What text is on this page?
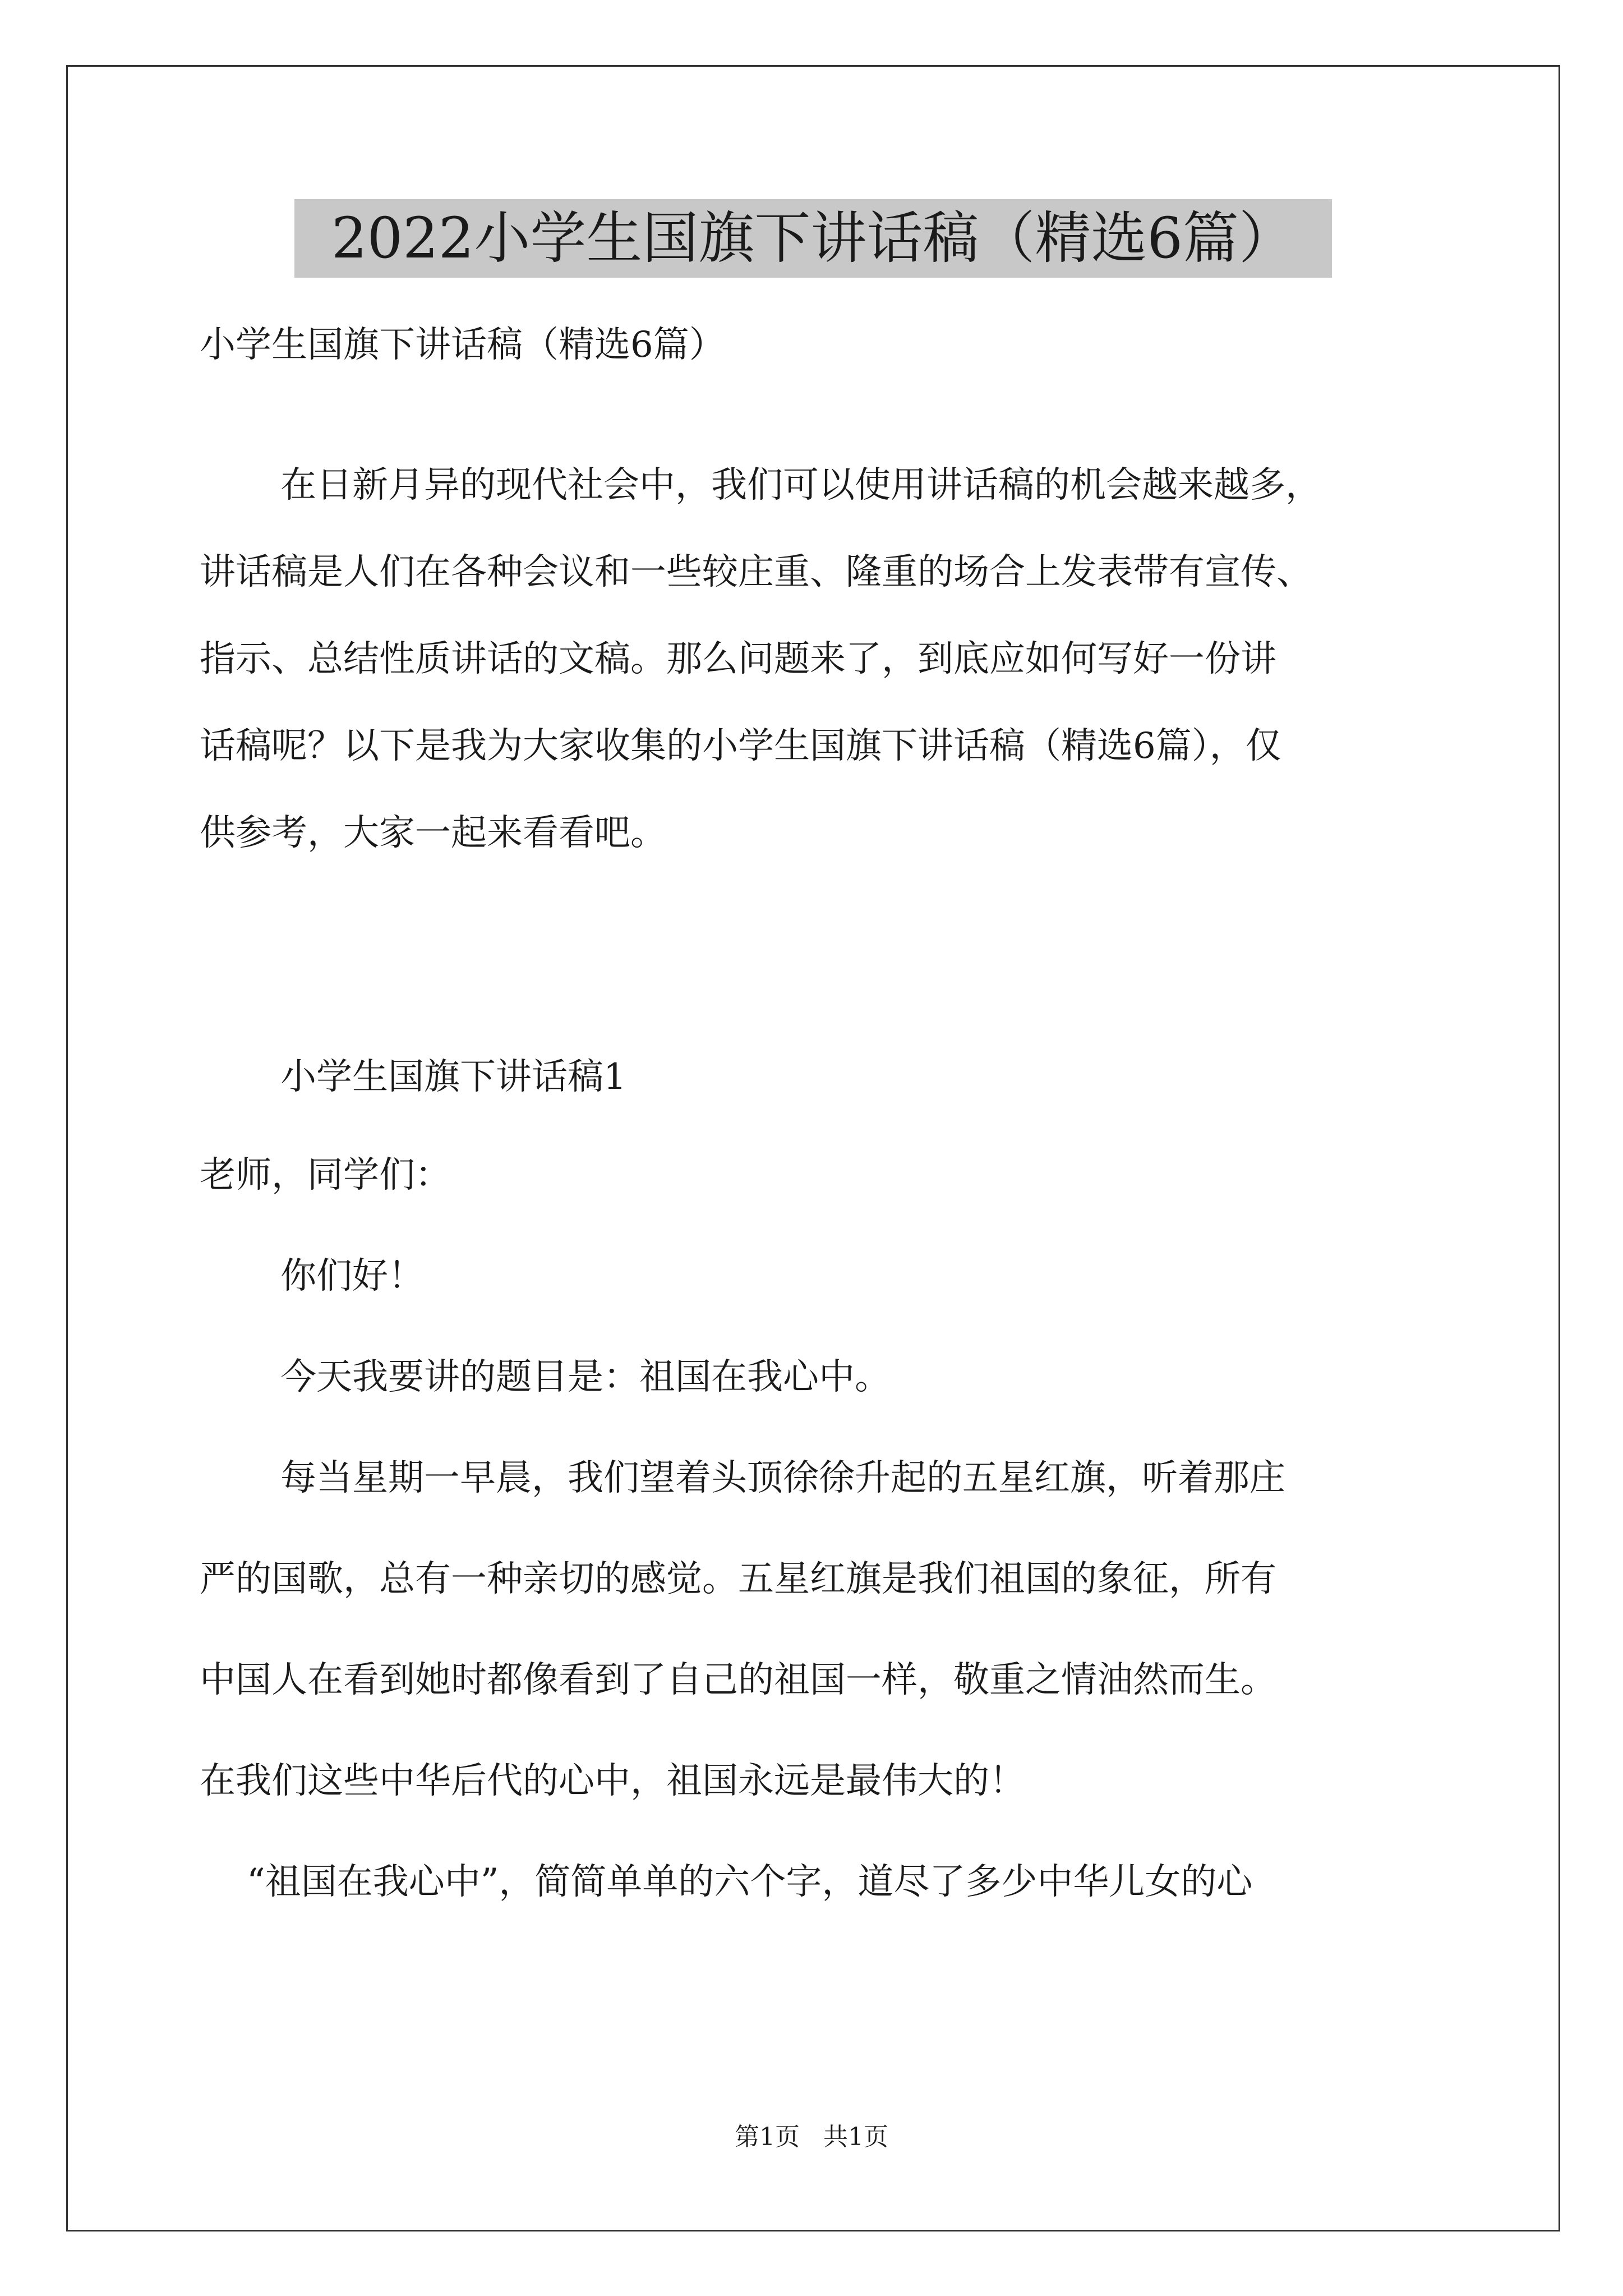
2022小学生国旗下讲话稿（精选6篇）
小学生国旗下讲话稿（精选6篇）
在日新月异的现代社会中，我们可以使用讲话稿的机会越来越多，
讲话稿是人们在各种会议和一些较庄重、隆重的场合上发表带有宣传、
指示、总结性质讲话的文稿。那么问题来了，到底应如何写好一份讲
话稿呢？以下是我为大家收集的小学生国旗下讲话稿（精选6篇），仅
供参考，大家一起来看看吧。
小学生国旗下讲话稿1
老师，同学们：
你们好！
今天我要讲的题目是：祖国在我心中。
每当星期一早晨，我们望着头顶徐徐升起的五星红旗，听着那庄
严的国歌，总有一种亲切的感觉。五星红旗是我们祖国的象征，所有
中国人在看到她时都像看到了自己的祖国一样，敬重之情油然而生。
在我们这些中华后代的心中，祖国永远是最伟大的！
“祖国在我心中”，简简单单的六个字，道尽了多少中华儿女的心
第1页 共1页
